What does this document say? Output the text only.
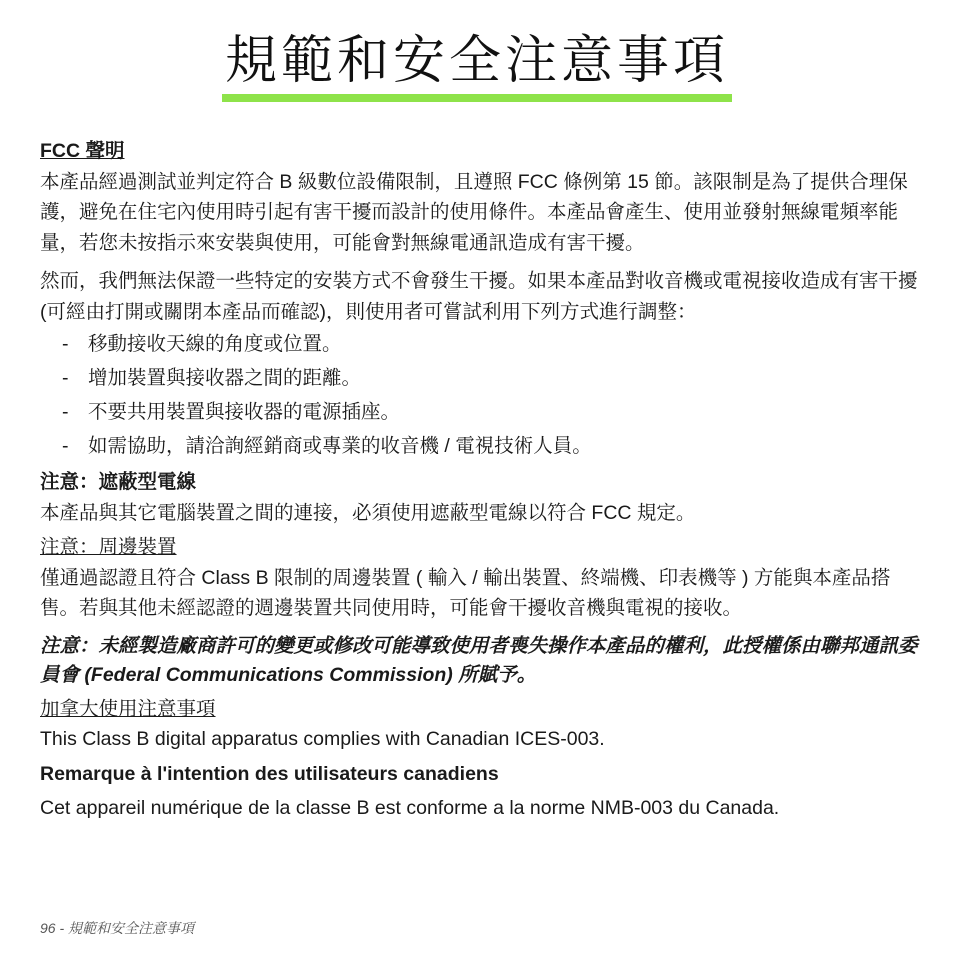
規範和安全注意事項

FCC 聲明

本產品經過測試並判定符合 B 級數位設備限制，且遵照 FCC 條例第 15 節。該限制是為了提供合理保護，避免在住宅內使用時引起有害干擾而設計的使用條件。本產品會產生、使用並發射無線電頻率能量，若您未按指示來安裝與使用，可能會對無線電通訊造成有害干擾。

然而，我們無法保證一些特定的安裝方式不會發生干擾。如果本產品對收音機或電視接收造成有害干擾 (可經由打開或關閉本產品而確認)，則使用者可嘗試利用下列方式進行調整：

- 移動接收天線的角度或位置。
- 增加裝置與接收器之間的距離。
- 不要共用裝置與接收器的電源插座。
- 如需協助，請洽詢經銷商或專業的收音機 / 電視技術人員。

注意：遮蔽型電線

本產品與其它電腦裝置之間的連接，必須使用遮蔽型電線以符合 FCC 規定。

注意：周邊裝置

僅通過認證且符合 Class B 限制的周邊裝置 ( 輸入 / 輸出裝置、終端機、印表機等 ) 方能與本產品搭售。若與其他未經認證的週邊裝置共同使用時，可能會干擾收音機與電視的接收。

注意：未經製造廠商許可的變更或修改可能導致使用者喪失操作本產品的權利，此授權係由聯邦通訊委員會 (Federal Communications Commission) 所賦予。

加拿大使用注意事項

This Class B digital apparatus complies with Canadian ICES-003.

Remarque à l'intention des utilisateurs canadiens

Cet appareil numérique de la classe B est conforme a la norme NMB-003 du Canada.

96 - 規範和安全注意事項
